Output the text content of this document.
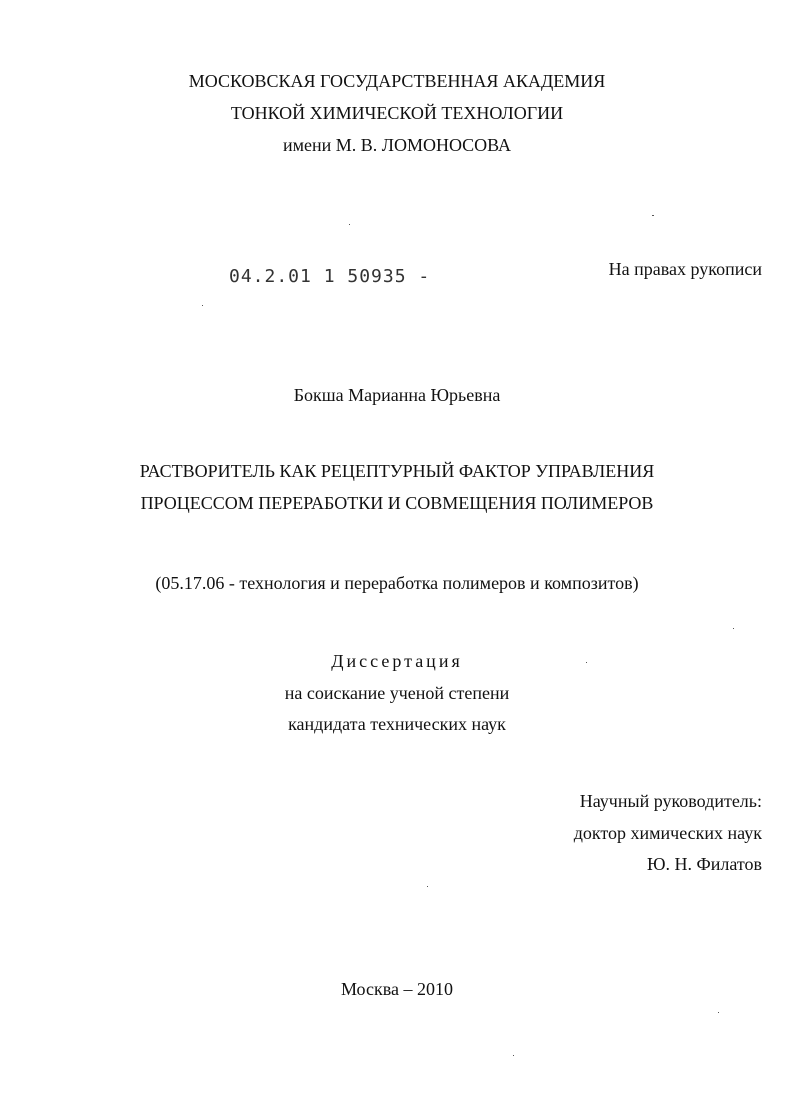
МОСКОВСКАЯ ГОСУДАРСТВЕННАЯ АКАДЕМИЯ
ТОНКОЙ ХИМИЧЕСКОЙ ТЕХНОЛОГИИ
имени М. В. ЛОМОНОСОВА
04.2.01 1 50935 -	На правах рукописи
Бокша Марианна Юрьевна
РАСТВОРИТЕЛЬ КАК РЕЦЕПТУРНЫЙ ФАКТОР УПРАВЛЕНИЯ
ПРОЦЕССОМ ПЕРЕРАБОТКИ И СОВМЕЩЕНИЯ ПОЛИМЕРОВ
(05.17.06 - технология и переработка полимеров и композитов)
Диссертация
на соискание ученой степени
кандидата технических наук
Научный руководитель:
доктор химических наук
Ю. Н. Филатов
Москва – 2010
